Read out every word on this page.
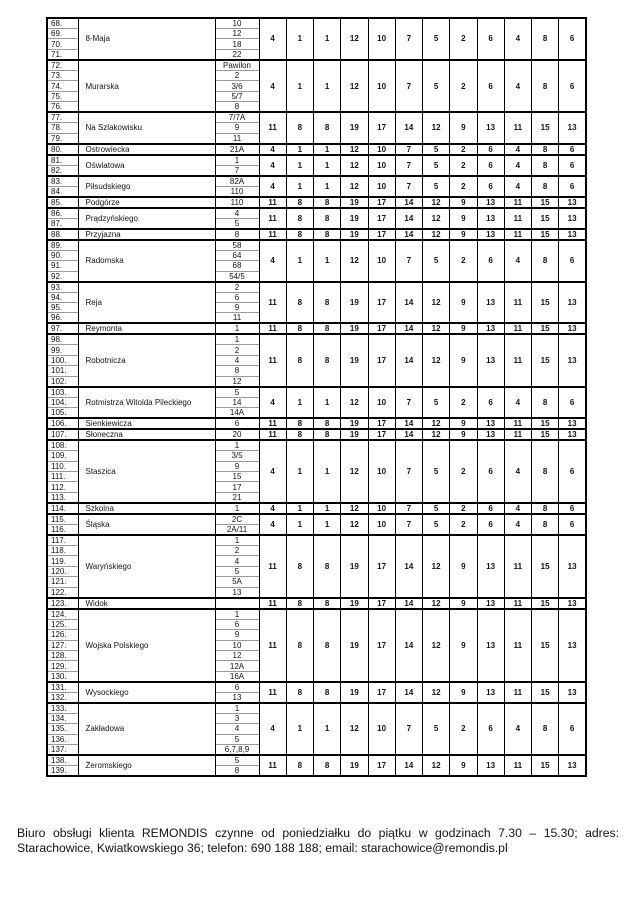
68.	8-Maja	10	4	1	1	12	10	7	5	2	6	4	8	6
69.		12												
70.		18												
71.		22												
72.	Murarska	Pawilon	4	1	1	12	10	7	5	2	6	4	8	6
73.		2												
74.		3/6												
75.		5/7												
76.		8												
77.	Na Szlakowisku	7/7A	11	8	8	19	17	14	12	9	13	11	15	13
78.		9												
79.		11												
80.	Ostrowiecka	21A	4	1	1	12	10	7	5	2	6	4	8	6
81.	Oświatowa	1	4	1	1	12	10	7	5	2	6	4	8	6
82.		7												
83.	Piłsudskiego	82A	4	1	1	12	10	7	5	2	6	4	8	6
84.		110												
85.	Podgórze	110	11	8	8	19	17	14	12	9	13	11	15	13
86.	Prądzyńskiego	4	11	8	8	19	17	14	12	9	13	11	15	13
87.		5												
88.	Przyjazna	8	11	8	8	19	17	14	12	9	13	11	15	13
89.	Radomska	58	4	1	1	12	10	7	5	2	6	4	8	6
90.		64												
91.		68												
92.		54/5												
93.	Reja	2	11	8	8	19	17	14	12	9	13	11	15	13
94.		6												
95.		9												
96.		11												
97.	Reymonta	1	11	8	8	19	17	14	12	9	13	11	15	13
98.	Robotnicza	1	11	8	8	19	17	14	12	9	13	11	15	13
99.		2												
100.		4												
101.		8												
102.		12												
103.	Rotmistrza Witolda Pileckiego	5	4	1	1	12	10	7	5	2	6	4	8	6
104.		14												
105.		14A												
106.	Sienkiewicza	6	11	8	8	19	17	14	12	9	13	11	15	13
107.	Słoneczna	20	11	8	8	19	17	14	12	9	13	11	15	13
108.	Staszica	1	4	1	1	12	10	7	5	2	6	4	8	6
109.		3/5												
110.		9												
111.		15												
112.		17												
113.		21												
114.	Szkolna	1	4	1	1	12	10	7	5	2	6	4	8	6
115.	Śląska	2C	4	1	1	12	10	7	5	2	6	4	8	6
116.		2A/11												
117.	Waryńskiego	1	11	8	8	19	17	14	12	9	13	11	15	13
118.		2												
119.		4												
120.		5												
121.		5A												
122.		13												
123.	Widok		11	8	8	19	17	14	12	9	13	11	15	13
124.	Wojska Polskiego	1	11	8	8	19	17	14	12	9	13	11	15	13
125.		6												
126.		9												
127.		10												
128.		12												
129.		12A												
130.		16A												
131.	Wysockiego	6	11	8	8	19	17	14	12	9	13	11	15	13
132.		13												
133.	Zakładowa	1	4	1	1	12	10	7	5	2	6	4	8	6
134.		3												
135.		4												
136.		5												
137.		6,7,8,9												
138.	Żeromskiego	5	11	8	8	19	17	14	12	9	13	11	15	13
139.		8												
Biuro obsługi klienta REMONDIS czynne od poniedziałku do piątku w godzinach 7.30 – 15.30; adres:
Starachowice, Kwiatkowskiego 36; telefon: 690 188 188; email: starachowice@remondis.pl
